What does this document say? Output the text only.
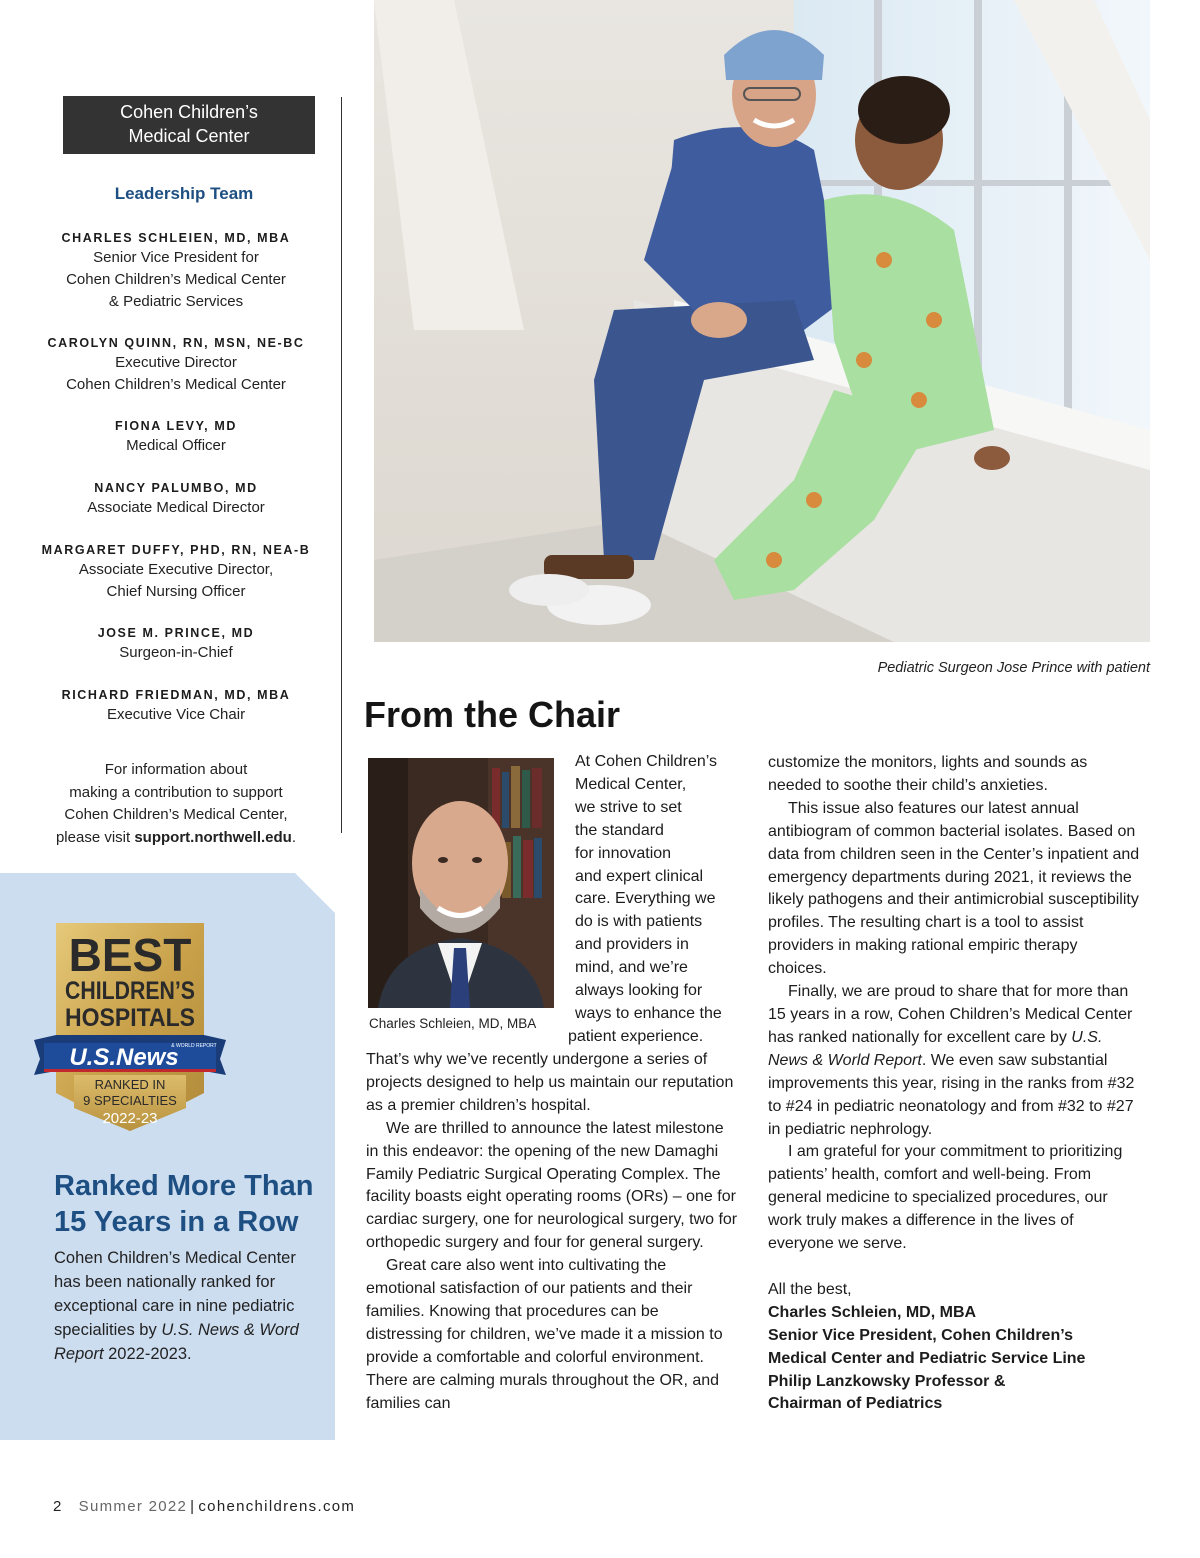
Cohen Children’s
Medical Center
Leadership Team
CHARLES SCHLEIEN, MD, MBA
Senior Vice President for
Cohen Children’s Medical Center
& Pediatric Services
CAROLYN QUINN, RN, MSN, NE-BC
Executive Director
Cohen Children’s Medical Center
FIONA LEVY, MD
Medical Officer
NANCY PALUMBO, MD
Associate Medical Director
MARGARET DUFFY, PHD, RN, NEA-B
Associate Executive Director,
Chief Nursing Officer
JOSE M. PRINCE, MD
Surgeon-in-Chief
RICHARD FRIEDMAN, MD, MBA
Executive Vice Chair
For information about
making a contribution to support
Cohen Children’s Medical Center,
please visit support.northwell.edu.
BEST
CHILDREN’S
HOSPITALS
U.S.News
& WORLD REPORT
RANKED IN
9 SPECIALTIES
2022-23
Ranked More Than
15 Years in a Row
Cohen Children’s Medical Center has been nationally ranked for exceptional care in nine pediatric specialities by U.S. News & Word Report 2022-2023.
Pediatric Surgeon Jose Prince with patient
From the Chair
Charles Schleien, MD, MBA
At Cohen Children’s
Medical Center,
we strive to set
the standard
for innovation
and expert clinical
care. Everything we
do is with patients
and providers in
mind, and we’re
always looking for
ways to enhance the
patient experience.

That’s why we’ve recently undergone a series of projects designed to help us maintain our reputation as a premier children’s hospital.

We are thrilled to announce the latest milestone in this endeavor: the opening of the new Damaghi Family Pediatric Surgical Operating Complex. The facility boasts eight operating rooms (ORs) – one for cardiac surgery, one for neurological surgery, two for orthopedic surgery and four for general surgery.

Great care also went into cultivating the emotional satisfaction of our patients and their families. Knowing that procedures can be distressing for children, we’ve made it a mission to provide a comfortable and colorful environment. There are calming murals throughout the OR, and families can

customize the monitors, lights and sounds as needed to soothe their child’s anxieties.

This issue also features our latest annual antibiogram of common bacterial isolates. Based on data from children seen in the Center’s inpatient and emergency departments during 2021, it reviews the likely pathogens and their antimicrobial susceptibility profiles. The resulting chart is a tool to assist providers in making rational empiric therapy choices.

Finally, we are proud to share that for more than 15 years in a row, Cohen Children’s Medical Center has ranked nationally for excellent care by U.S. News & World Report. We even saw substantial improvements this year, rising in the ranks from #32 to #24 in pediatric neonatology and from #32 to #27 in pediatric nephrology.

I am grateful for your commitment to prioritizing patients’ health, comfort and well-being. From general medicine to specialized procedures, our work truly makes a difference in the lives of everyone we serve.

All the best,

Charles Schleien, MD, MBA

Senior Vice President, Cohen Children’s

Medical Center and Pediatric Service Line

Philip Lanzkowsky Professor &

Chairman of Pediatrics

2 Summer 2022 | cohenchildrens.com
